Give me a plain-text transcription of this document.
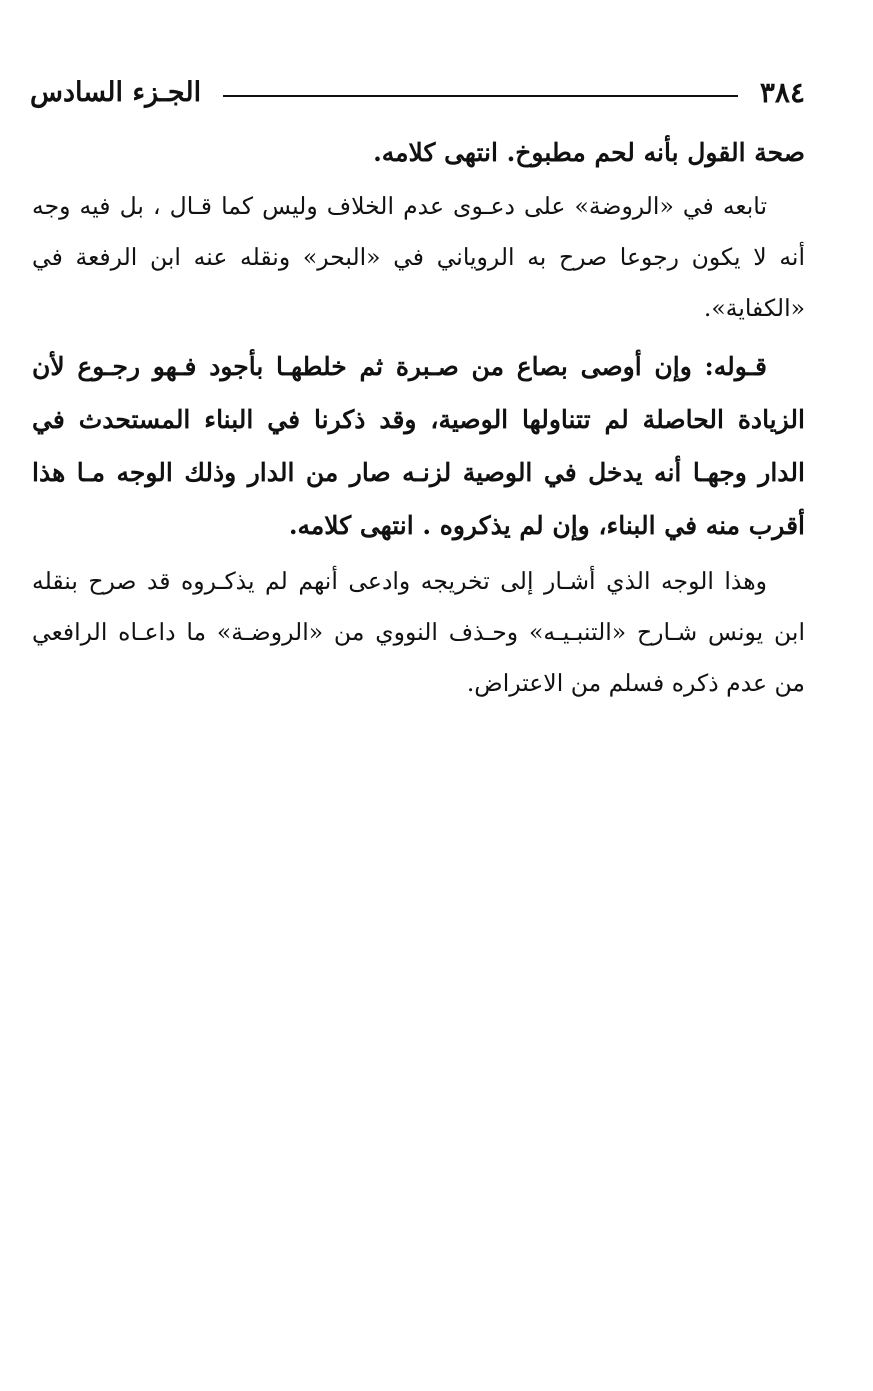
٣٨٤
الجـزء السادس

صحة القول بأنه لحم مطبوخ. انتهى كلامه.

تابعه في «الروضة» على دعـوى عدم الخلاف وليس كما قـال ، بل فيه وجه أنه لا يكون رجوعا صرح به الروياني في «البحر» ونقله عنه ابن الرفعة في «الكفاية».

قـوله: وإن أوصى بصاع من صـبرة ثم خلطهـا بأجود فـهو رجـوع لأن الزيادة الحاصلة لم تتناولها الوصية، وقد ذكرنا في البناء المستحدث في الدار وجهـا أنه يدخل في الوصية لزنـه صار من الدار وذلك الوجه مـا هذا أقرب منه في البناء، وإن لم يذكروه . انتهى كلامه.

وهذا الوجه الذي أشـار إلى تخريجه وادعى أنهم لم يذكـروه قد صرح بنقله ابن يونس شـارح «التنبـيـه» وحـذف النووي من «الروضـة» ما داعـاه الرافعي من عدم ذكره فسلم من الاعتراض.
